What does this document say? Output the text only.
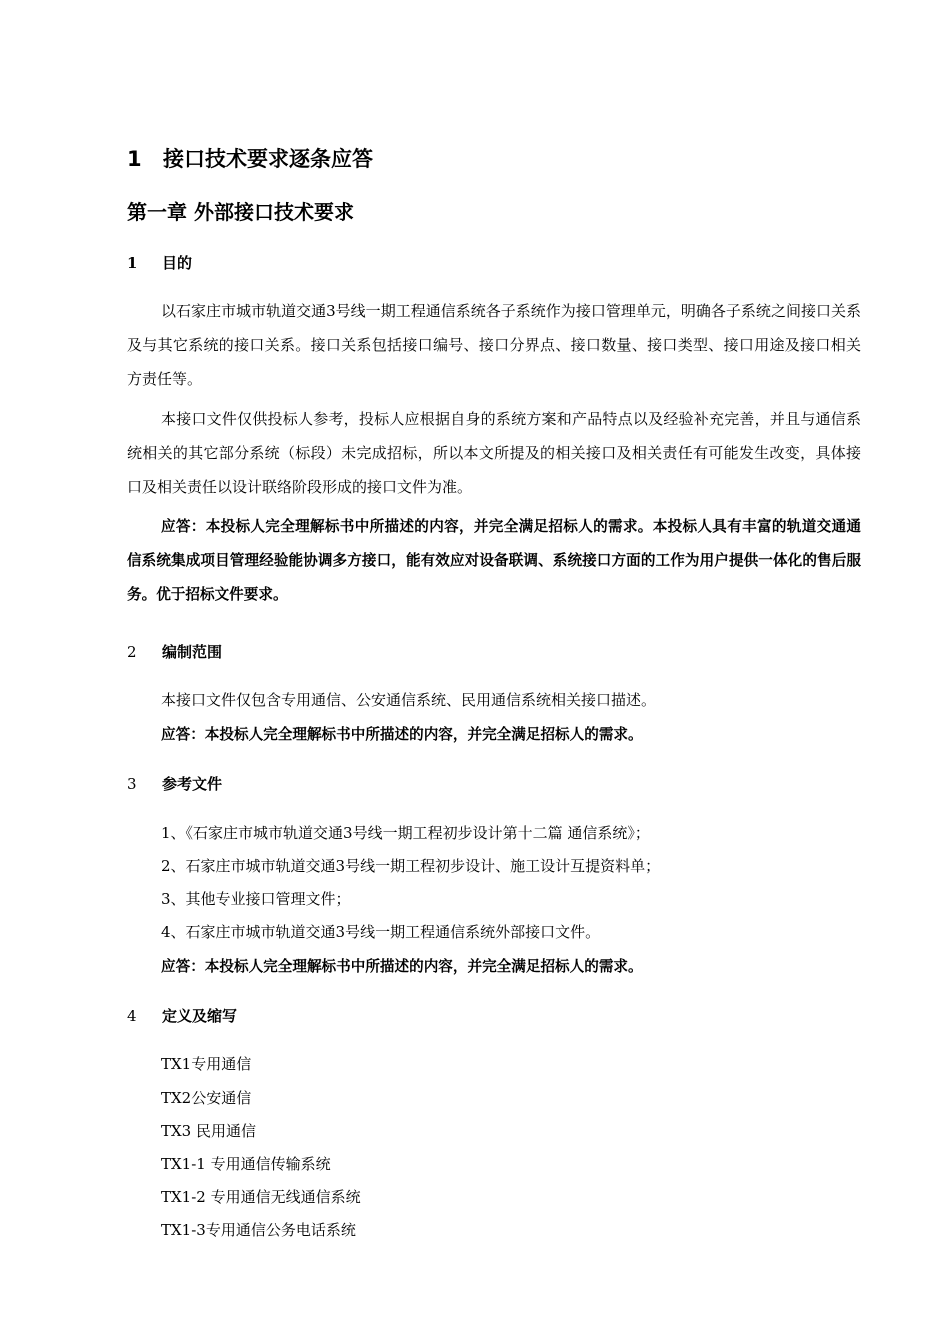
1 接口技术要求逐条应答
第一章 外部接口技术要求
1 目的
以石家庄市城市轨道交通3号线一期工程通信系统各子系统作为接口管理单元，明确各子系统之间接口关系及与其它系统的接口关系。接口关系包括接口编号、接口分界点、接口数量、接口类型、接口用途及接口相关方责任等。
本接口文件仅供投标人参考，投标人应根据自身的系统方案和产品特点以及经验补充完善，并且与通信系统相关的其它部分系统（标段）未完成招标，所以本文所提及的相关接口及相关责任有可能发生改变，具体接口及相关责任以设计联络阶段形成的接口文件为准。
应答：本投标人完全理解标书中所描述的内容，并完全满足招标人的需求。本投标人具有丰富的轨道交通通信系统集成项目管理经验能协调多方接口，能有效应对设备联调、系统接口方面的工作为用户提供一体化的售后服务。优于招标文件要求。
2 编制范围
本接口文件仅包含专用通信、公安通信系统、民用通信系统相关接口描述。
应答：本投标人完全理解标书中所描述的内容，并完全满足招标人的需求。
3 参考文件
1、《石家庄市城市轨道交通3号线一期工程初步设计第十二篇 通信系统》；
2、石家庄市城市轨道交通3号线一期工程初步设计、施工设计互提资料单；
3、其他专业接口管理文件；
4、石家庄市城市轨道交通3号线一期工程通信系统外部接口文件。
应答：本投标人完全理解标书中所描述的内容，并完全满足招标人的需求。
4 定义及缩写
TX1专用通信
TX2公安通信
TX3 民用通信
TX1-1 专用通信传输系统
TX1-2 专用通信无线通信系统
TX1-3专用通信公务电话系统
